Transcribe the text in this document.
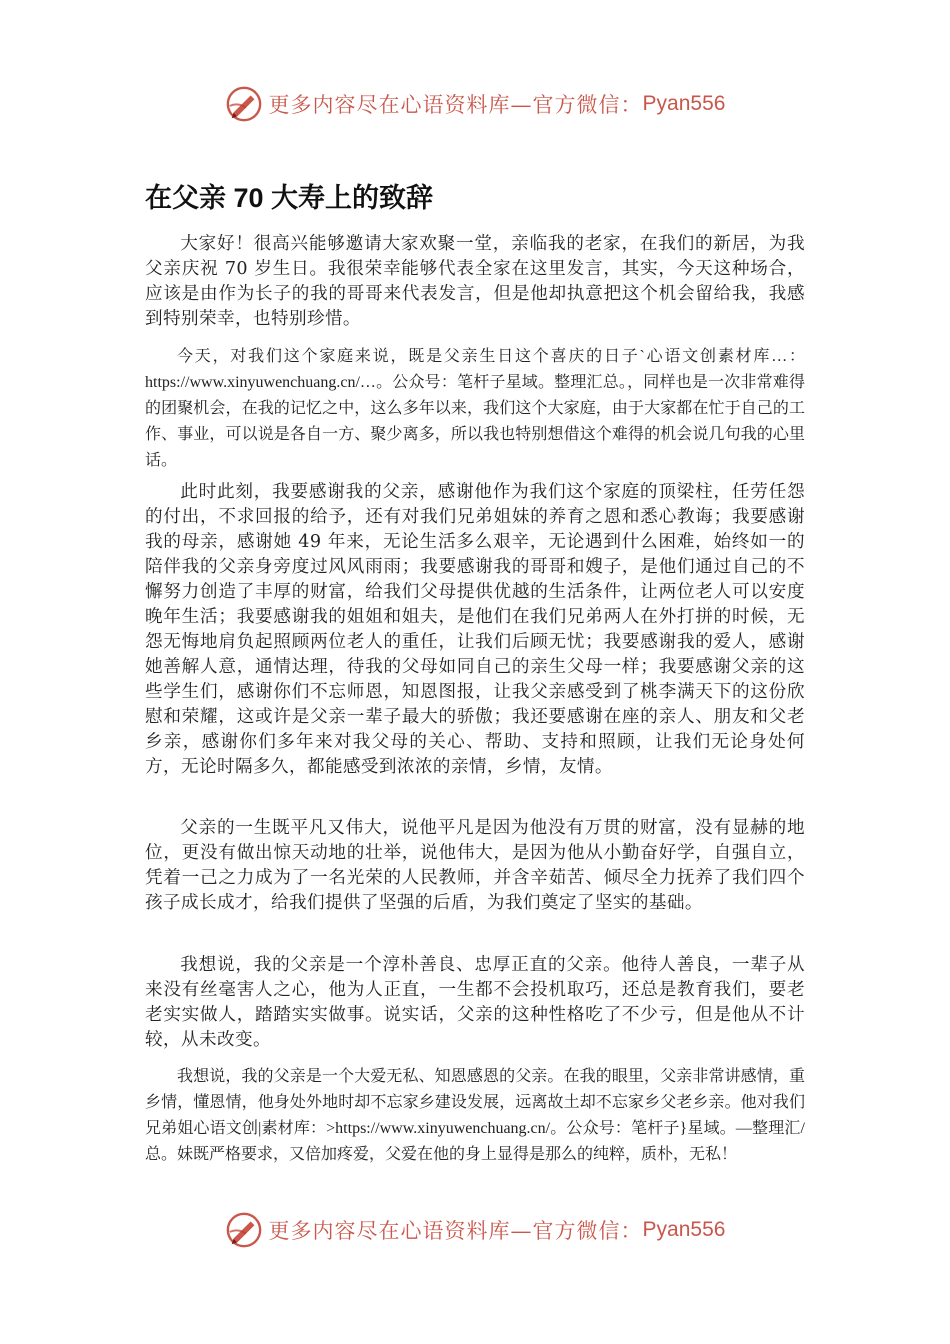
更多内容尽在心语资料库—官方微信： Pyan556
在父亲 70 大寿上的致辞

大家好！很高兴能够邀请大家欢聚一堂，亲临我的老家，在我们的新居，为我父亲庆祝 70 岁生日。我很荣幸能够代表全家在这里发言，其实，今天这种场合，应该是由作为长子的我的哥哥来代表发言，但是他却执意把这个机会留给我，我感到特别荣幸，也特别珍惜。

今天，对我们这个家庭来说，既是父亲生日这个喜庆的日子`心语文创素材库…：https://www.xinyuwenchuang.cn/…。公众号：笔杆子星域。整理汇总。，同样也是一次非常难得的团聚机会，在我的记忆之中，这么多年以来，我们这个大家庭，由于大家都在忙于自己的工作、事业，可以说是各自一方、聚少离多，所以我也特别想借这个难得的机会说几句我的心里话。

此时此刻，我要感谢我的父亲，感谢他作为我们这个家庭的顶梁柱，任劳任怨的付出，不求回报的给予，还有对我们兄弟姐妹的养育之恩和悉心教诲；我要感谢我的母亲，感谢她 49 年来，无论生活多么艰辛，无论遇到什么困难，始终如一的陪伴我的父亲身旁度过风风雨雨；我要感谢我的哥哥和嫂子，是他们通过自己的不懈努力创造了丰厚的财富，给我们父母提供优越的生活条件，让两位老人可以安度晚年生活；我要感谢我的姐姐和姐夫，是他们在我们兄弟两人在外打拼的时候，无怨无悔地肩负起照顾两位老人的重任，让我们后顾无忧；我要感谢我的爱人，感谢她善解人意，通情达理，待我的父母如同自己的亲生父母一样；我要感谢父亲的这些学生们，感谢你们不忘师恩，知恩图报，让我父亲感受到了桃李满天下的这份欣慰和荣耀，这或许是父亲一辈子最大的骄傲；我还要感谢在座的亲人、朋友和父老乡亲，感谢你们多年来对我父母的关心、帮助、支持和照顾，让我们无论身处何方，无论时隔多久，都能感受到浓浓的亲情，乡情，友情。

父亲的一生既平凡又伟大，说他平凡是因为他没有万贯的财富，没有显赫的地位，更没有做出惊天动地的壮举，说他伟大，是因为他从小勤奋好学，自强自立，凭着一己之力成为了一名光荣的人民教师，并含辛茹苦、倾尽全力抚养了我们四个孩子成长成才，给我们提供了坚强的后盾，为我们奠定了坚实的基础。

我想说，我的父亲是一个淳朴善良、忠厚正直的父亲。他待人善良，一辈子从来没有丝毫害人之心，他为人正直，一生都不会投机取巧，还总是教育我们，要老老实实做人，踏踏实实做事。说实话，父亲的这种性格吃了不少亏，但是他从不计较，从未改变。

我想说，我的父亲是一个大爱无私、知恩感恩的父亲。在我的眼里，父亲非常讲感情，重乡情，懂恩情，他身处外地时却不忘家乡建设发展，远离故土却不忘家乡父老乡亲。他对我们兄弟姐心语文创|素材库：>https://www.xinyuwenchuang.cn/。公众号：笔杆子}星域。—整理汇/总。妹既严格要求，又倍加疼爱，父爱在他的身上显得是那么的纯粹，质朴，无私！

更多内容尽在心语资料库—官方微信： Pyan556
